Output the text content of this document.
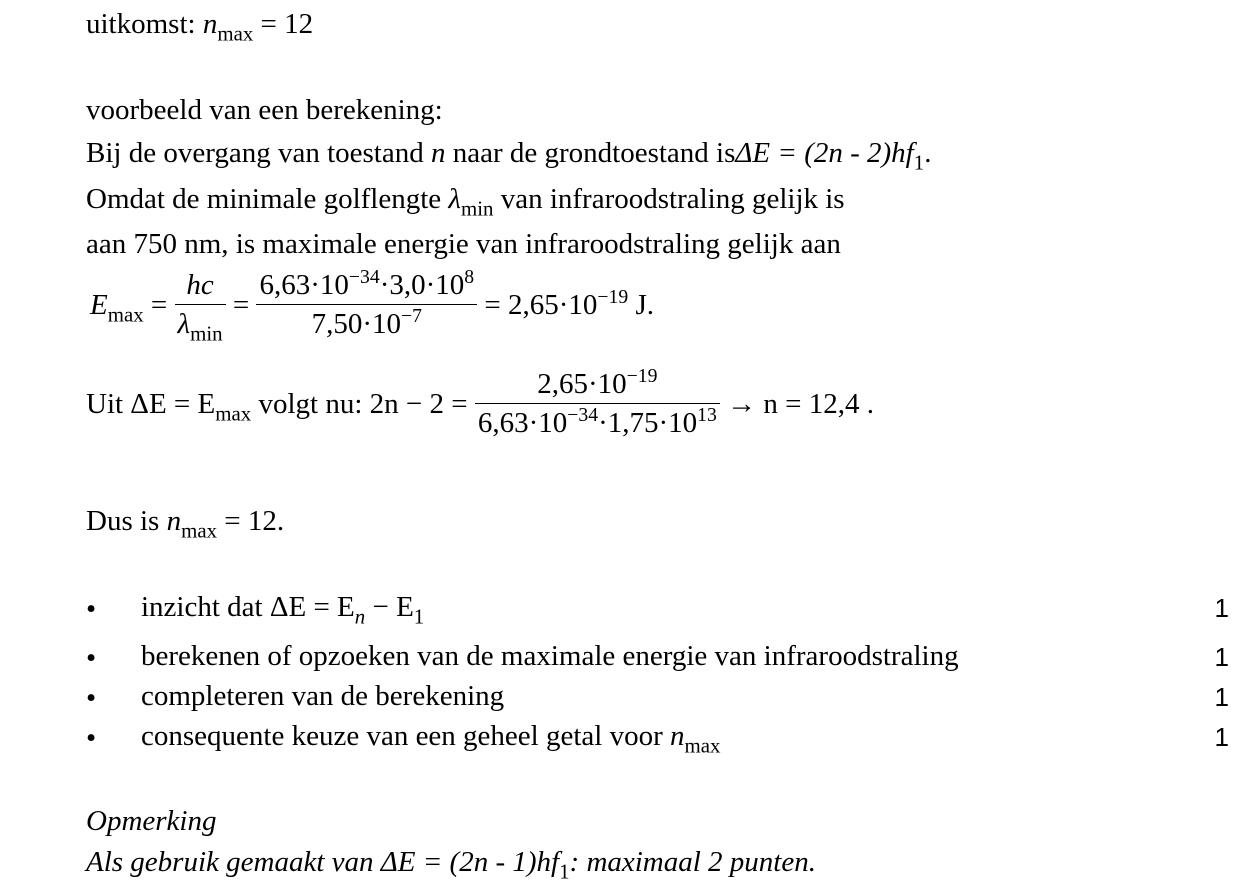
uitkomst: $n_{max} = 12$
voorbeeld van een berekening:
Bij de overgang van toestand n naar de grondtoestand $is\Delta E = (2n - 2)hf_1$.
Omdat de minimale golflengte $\lambda_{min}$ van infraroodstraling gelijk is
aan 750 nm, is maximale energie van infraroodstraling gelijk aan
$E_{max} = \frac{hc}{\lambda_{min}} = \frac{6,63\cdot 10^{-34}\cdot 3,0\cdot 10^8}{7,50\cdot 10^{-7}} = 2,65\cdot 10^{-19}$ J.
Uit $\Delta E = E_{max}$ volgt nu: $2n - 2 = \frac{2,65\cdot 10^{-19}}{6,63\cdot 10^{-34}\cdot 1,75\cdot 10^{13}} \to n = 12,4$ .
Dus is $n_{max} = 12$.
• inzicht dat $\Delta E = E_n - E_1$	1
• berekenen of opzoeken van de maximale energie van infraroodstraling	1
• completeren van de berekening	1
• consequente keuze van een geheel getal voor $n_{max}$	1
Opmerking
Als gebruik gemaakt van $\Delta E = (2n - 1)hf_1$: maximaal 2 punten.
